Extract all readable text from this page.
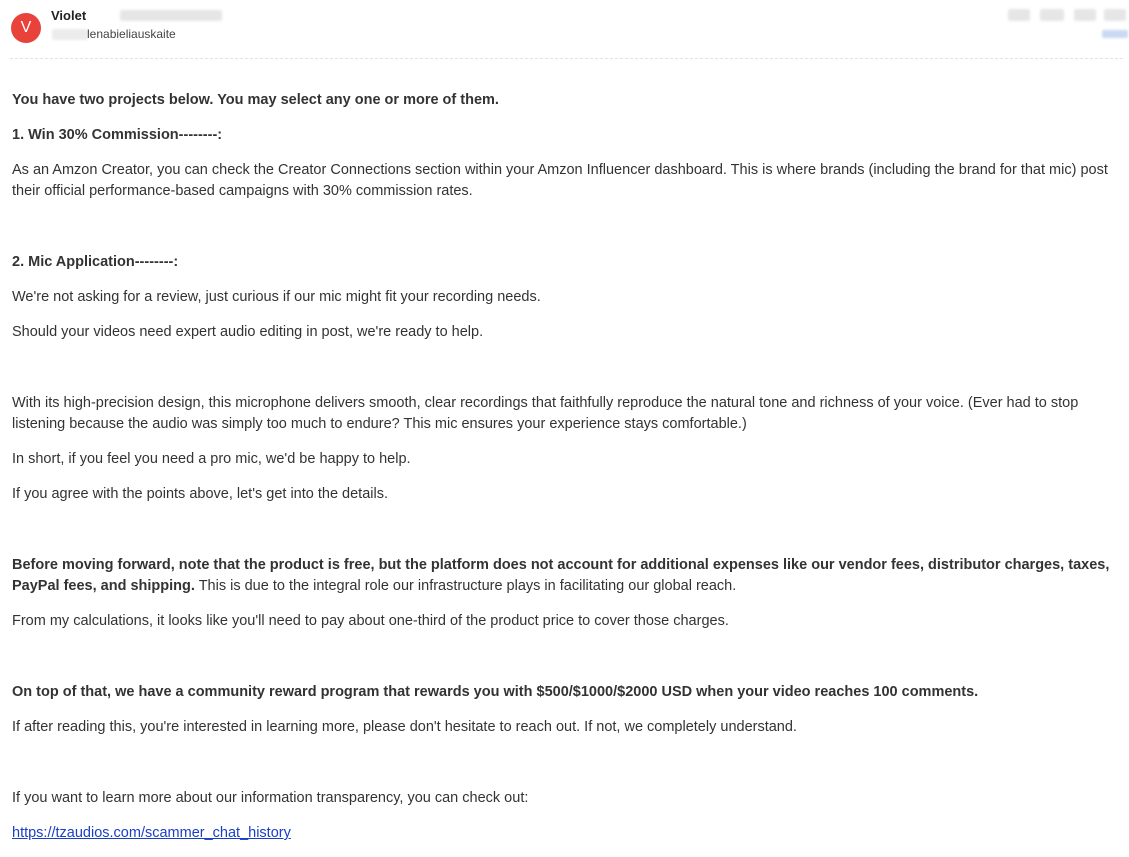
V
Violet
lenabieliauskaite

You have two projects below. You may select any one or more of them.

1. Win 30% Commission--------:

As an Amzon Creator, you can check the Creator Connections section within your Amzon Influencer dashboard. This is where brands (including the brand for that mic) post their official performance-based campaigns with 30% commission rates.

2. Mic Application--------:

We're not asking for a review, just curious if our mic might fit your recording needs.

Should your videos need expert audio editing in post, we're ready to help.

With its high-precision design, this microphone delivers smooth, clear recordings that faithfully reproduce the natural tone and richness of your voice. (Ever had to stop listening because the audio was simply too much to endure? This mic ensures your experience stays comfortable.)

In short, if you feel you need a pro mic, we'd be happy to help.

If you agree with the points above, let's get into the details.

Before moving forward, note that the product is free, but the platform does not account for additional expenses like our vendor fees, distributor charges, taxes, PayPal fees, and shipping. This is due to the integral role our infrastructure plays in facilitating our global reach.

From my calculations, it looks like you'll need to pay about one-third of the product price to cover those charges.

On top of that, we have a community reward program that rewards you with $500/$1000/$2000 USD when your video reaches 100 comments.

If after reading this, you're interested in learning more, please don't hesitate to reach out. If not, we completely understand.

If you want to learn more about our information transparency, you can check out:

https://tzaudios.com/scammer_chat_history
